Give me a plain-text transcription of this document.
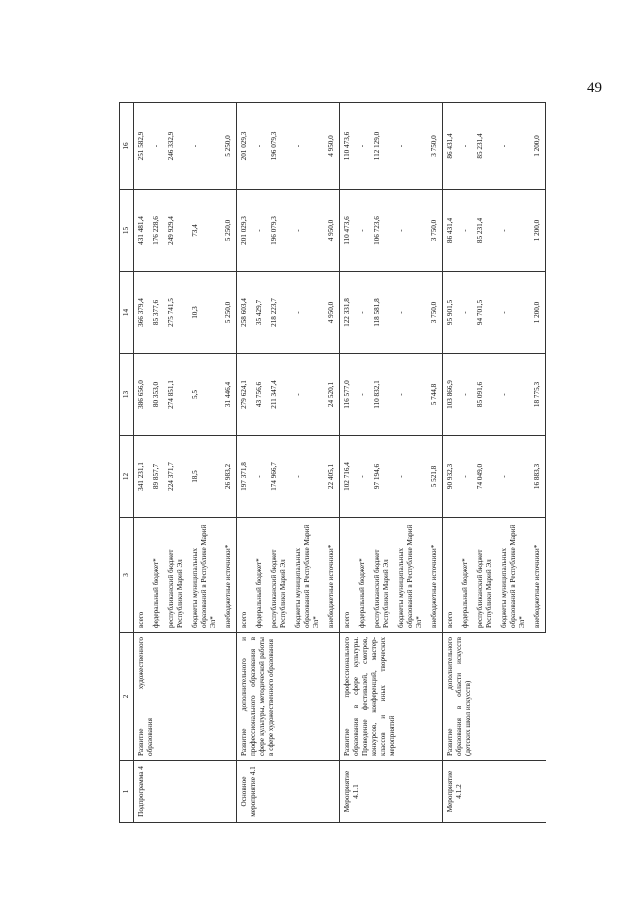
49
1	2	3	12	13	14	15	16
Подпрограмма 4	Развитие художественного образования	всего	341 231,1	386 656,0	366 379,4	431 481,4	251 582,9
		федеральный бюджет*	89 857,7	80 353,0	85 377,6	176 228,6	-
		республиканский бюджет Республики Марий Эл	224 371,7	274 851,1	275 741,5	249 929,4	246 332,9
		бюджеты муниципальных образований в Республике Марий Эл*	18,5	5,5	10,3	73,4	-
		внебюджетные источники*	26 983,2	31 446,4	5 250,0	5 250,0	5 250,0
Основное мероприятие 4.1	Развитие дополнительного и профессионального образования в сфере культуры, методической работы в сфере художественного образования	всего	197 371,8	279 624,1	258 603,4	201 029,3	201 029,3
		федеральный бюджет*	-	43 756,6	35 429,7	-	-
		республиканский бюджет Республики Марий Эл	174 966,7	211 347,4	218 223,7	196 079,3	196 079,3
		бюджеты муниципальных образований в Республике Марий Эл*	-	-	-	-	-
		внебюджетные источники*	22 405,1	24 520,1	4 950,0	4 950,0	4 950,0
Мероприятие 4.1.1	Развитие профессионального образования в сфере культуры. Проведение фестивалей, смотров, конкурсов, конференций, мастер-классов и иных творческих мероприятий	всего	102 716,4	116 577,0	122 331,8	110 473,6	110 473,6
		федеральный бюджет*	-	-	-	-	-
		республиканский бюджет Республики Марий Эл	97 194,6	110 832,1	118 581,8	106 723,6	112 129,0
		бюджеты муниципальных образований в Республике Марий Эл*	-	-	-	-	-
		внебюджетные источники*	5 521,8	5 744,8	3 750,0	3 750,0	3 750,0
Мероприятие 4.1.2	Развитие дополнительного образования в области искусств (детских школ искусств)	всего	90 932,3	103 866,9	95 901,5	86 431,4	86 431,4
		федеральный бюджет*	-	-	-	-	-
		республиканский бюджет Республики Марий Эл	74 049,0	85 091,6	94 701,5	85 231,4	85 231,4
		бюджеты муниципальных образований в Республике Марий Эл*	-	-	-	-	-
		внебюджетные источники*	16 883,3	18 775,3	1 200,0	1 200,0	1 200,0
